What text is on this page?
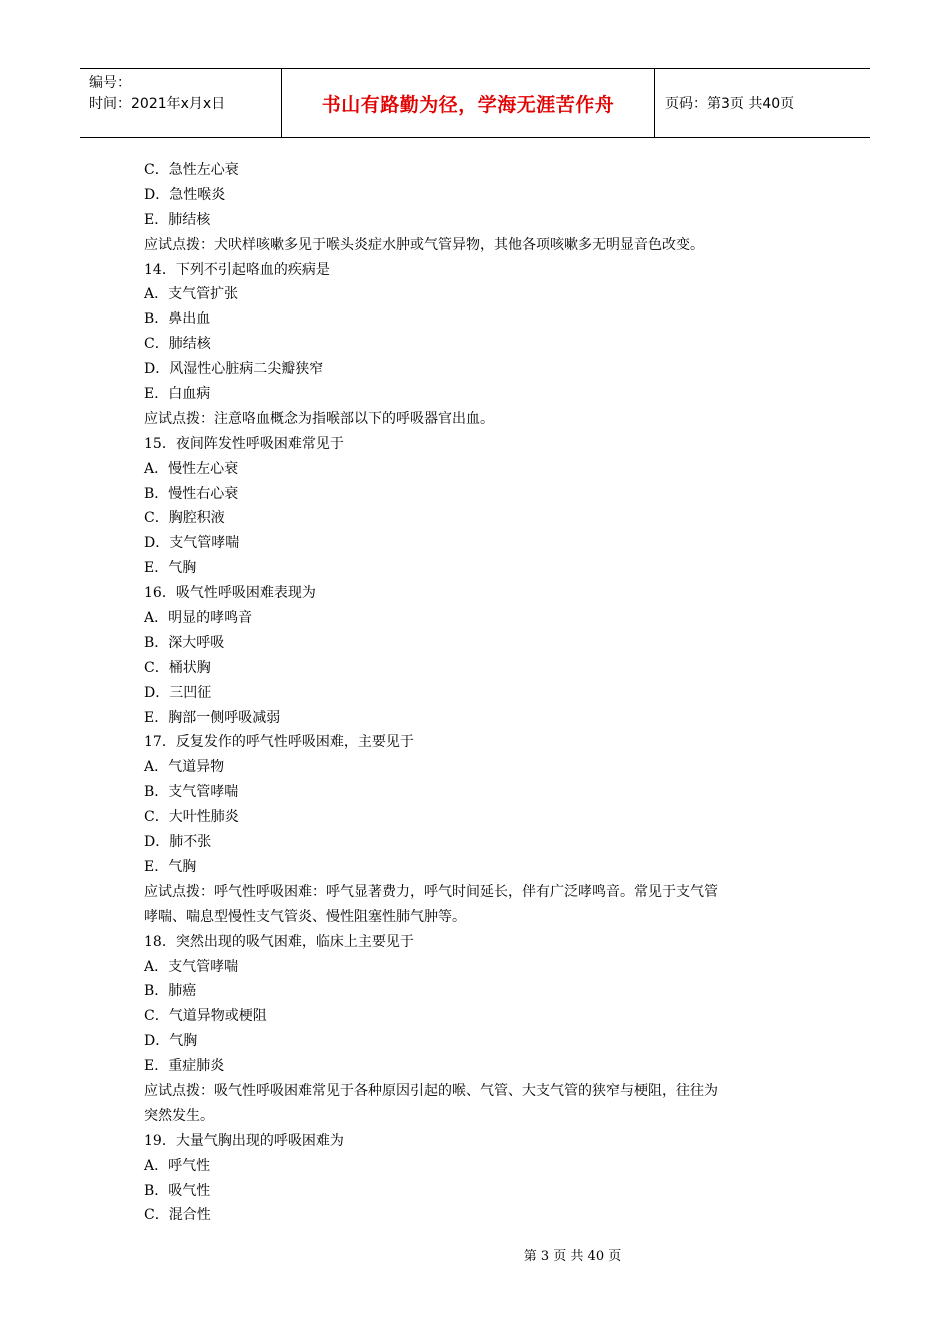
编号：
时间：2021年x月x日	书山有路勤为径，学海无涯苦作舟	页码：第3页 共40页
C．急性左心衰
D．急性喉炎
E．肺结核
应试点拨：犬吠样咳嗽多见于喉头炎症水肿或气管异物，其他各项咳嗽多无明显音色改变。
14．下列不引起咯血的疾病是
A．支气管扩张
B．鼻出血
C．肺结核
D．风湿性心脏病二尖瓣狭窄
E．白血病
应试点拨：注意咯血概念为指喉部以下的呼吸器官出血。
15．夜间阵发性呼吸困难常见于
A．慢性左心衰
B．慢性右心衰
C．胸腔积液
D．支气管哮喘
E．气胸
16．吸气性呼吸困难表现为
A．明显的哮鸣音
B．深大呼吸
C．桶状胸
D．三凹征
E．胸部一侧呼吸减弱
17．反复发作的呼气性呼吸困难，主要见于
A．气道异物
B．支气管哮喘
C．大叶性肺炎
D．肺不张
E．气胸
应试点拨：呼气性呼吸困难：呼气显著费力，呼气时间延长，伴有广泛哮鸣音。常见于支气管
哮喘、喘息型慢性支气管炎、慢性阻塞性肺气肿等。
18．突然出现的吸气困难，临床上主要见于
A．支气管哮喘
B．肺癌
C．气道异物或梗阻
D．气胸
E．重症肺炎
应试点拨：吸气性呼吸困难常见于各种原因引起的喉、气管、大支气管的狭窄与梗阻，往往为
突然发生。
19．大量气胸出现的呼吸困难为
A．呼气性
B．吸气性
C．混合性
第 3 页 共 40 页
